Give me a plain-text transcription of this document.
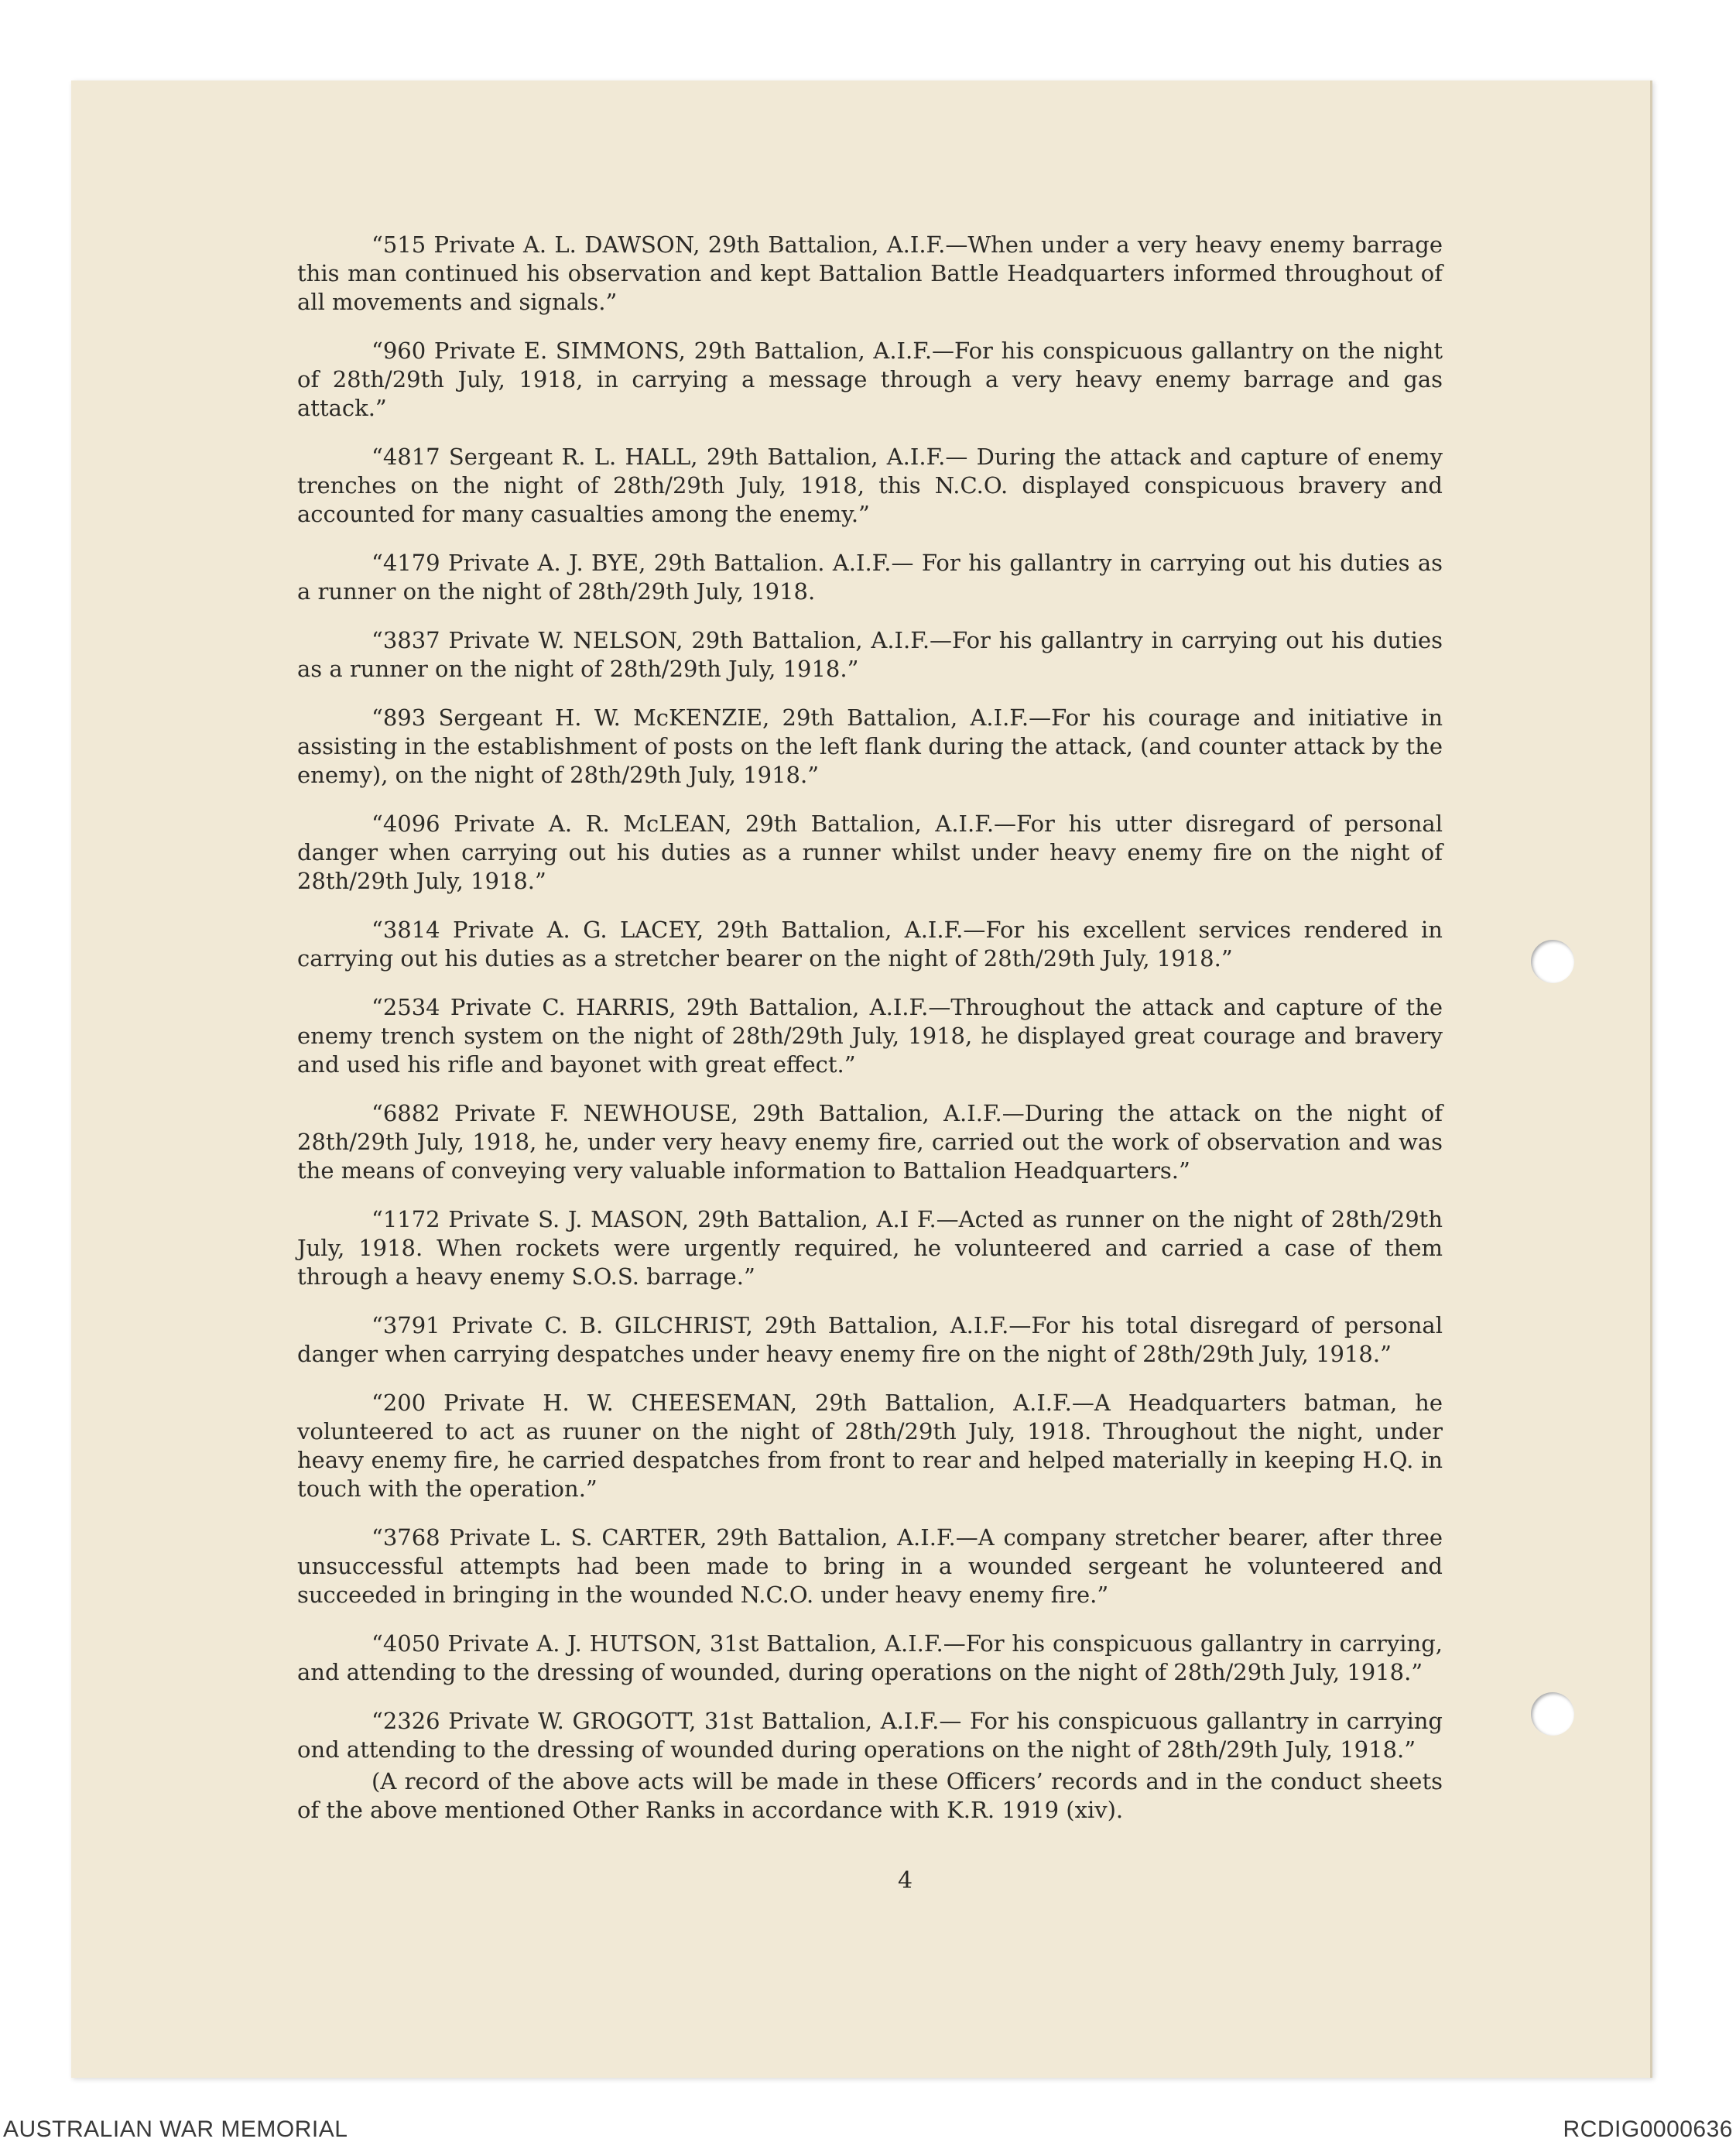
“515 Private A. L. DAWSON, 29th Battalion, A.I.F.—When under a very heavy enemy barrage this man continued his observation and kept Battalion Battle Headquarters informed throughout of all movements and signals.”

“960 Private E. SIMMONS, 29th Battalion, A.I.F.—For his conspicuous gallantry on the night of 28th/29th July, 1918, in carrying a message through a very heavy enemy barrage and gas attack.”

“4817 Sergeant R. L. HALL, 29th Battalion, A.I.F.— During the attack and capture of enemy trenches on the night of 28th/29th July, 1918, this N.C.O. displayed conspicuous bravery and accounted for many casualties among the enemy.”

“4179 Private A. J. BYE, 29th Battalion. A.I.F.— For his gallantry in carrying out his duties as a runner on the night of 28th/29th July, 1918.

“3837 Private W. NELSON, 29th Battalion, A.I.F.—For his gallantry in carrying out his duties as a runner on the night of 28th/29th July, 1918.”

“893 Sergeant H. W. McKENZIE, 29th Battalion, A.I.F.—For his courage and initiative in assisting in the establishment of posts on the left flank during the attack, (and counter attack by the enemy), on the night of 28th/29th July, 1918.”

“4096 Private A. R. McLEAN, 29th Battalion, A.I.F.—For his utter disregard of personal danger when carrying out his duties as a runner whilst under heavy enemy fire on the night of 28th/29th July, 1918.”

“3814 Private A. G. LACEY, 29th Battalion, A.I.F.—For his excellent services rendered in carrying out his duties as a stretcher bearer on the night of 28th/29th July, 1918.”

“2534 Private C. HARRIS, 29th Battalion, A.I.F.—Throughout the attack and capture of the enemy trench system on the night of 28th/29th July, 1918, he displayed great courage and bravery and used his rifle and bayonet with great effect.”

“6882 Private F. NEWHOUSE, 29th Battalion, A.I.F.—During the attack on the night of 28th/29th July, 1918, he, under very heavy enemy fire, carried out the work of observation and was the means of conveying very valuable information to Battalion Headquarters.”

“1172 Private S. J. MASON, 29th Battalion, A.I F.—Acted as runner on the night of 28th/29th July, 1918. When rockets were urgently required, he volunteered and carried a case of them through a heavy enemy S.O.S. barrage.”

“3791 Private C. B. GILCHRIST, 29th Battalion, A.I.F.—For his total disregard of personal danger when carrying despatches under heavy enemy fire on the night of 28th/29th July, 1918.”

“200 Private H. W. CHEESEMAN, 29th Battalion, A.I.F.—A Headquarters batman, he volunteered to act as ruuner on the night of 28th/29th July, 1918. Throughout the night, under heavy enemy fire, he carried despatches from front to rear and helped materially in keeping H.Q. in touch with the operation.”

“3768 Private L. S. CARTER, 29th Battalion, A.I.F.—A company stretcher bearer, after three unsuccessful attempts had been made to bring in a wounded sergeant he volunteered and succeeded in bringing in the wounded N.C.O. under heavy enemy fire.”

“4050 Private A. J. HUTSON, 31st Battalion, A.I.F.—For his conspicuous gallantry in carrying, and attending to the dressing of wounded, during operations on the night of 28th/29th July, 1918.”

“2326 Private W. GROGOTT, 31st Battalion, A.I.F.— For his conspicuous gallantry in carrying ond attending to the dressing of wounded during operations on the night of 28th/29th July, 1918.”

(A record of the above acts will be made in these Officers’ records and in the conduct sheets of the above mentioned Other Ranks in accordance with K.R. 1919 (xiv).

4
AUSTRALIAN WAR MEMORIAL	RCDIG0000636
